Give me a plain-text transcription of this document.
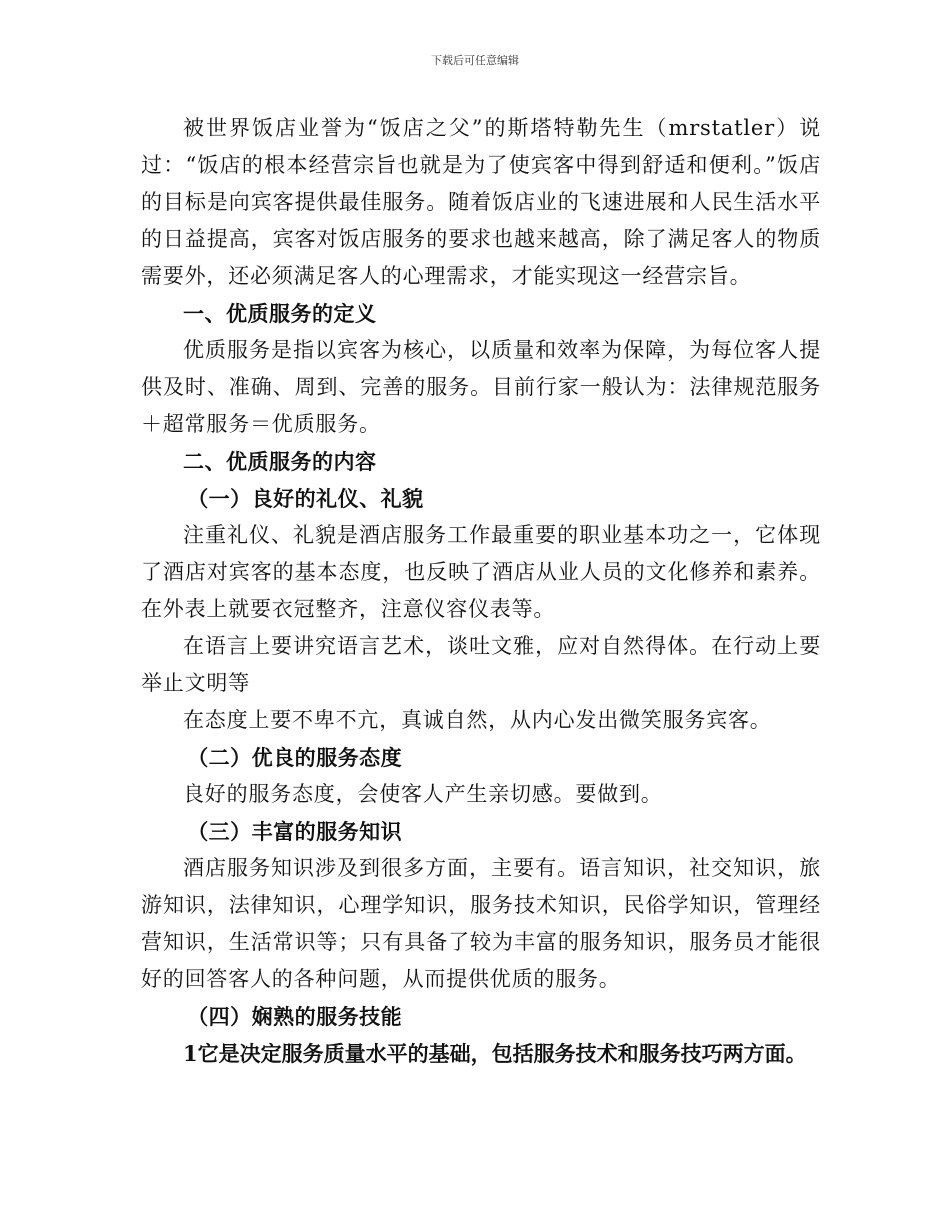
下载后可任意编辑

被世界饭店业誉为“饭店之父”的斯塔特勒先生（mrstatler）说过：“饭店的根本经营宗旨也就是为了使宾客中得到舒适和便利。”饭店的目标是向宾客提供最佳服务。随着饭店业的飞速进展和人民生活水平的日益提高，宾客对饭店服务的要求也越来越高，除了满足客人的物质需要外，还必须满足客人的心理需求，才能实现这一经营宗旨。

一、优质服务的定义

优质服务是指以宾客为核心，以质量和效率为保障，为每位客人提供及时、准确、周到、完善的服务。目前行家一般认为：法律规范服务＋超常服务＝优质服务。

二、优质服务的内容

（一）良好的礼仪、礼貌

注重礼仪、礼貌是酒店服务工作最重要的职业基本功之一，它体现了酒店对宾客的基本态度，也反映了酒店从业人员的文化修养和素养。在外表上就要衣冠整齐，注意仪容仪表等。

在语言上要讲究语言艺术，谈吐文雅，应对自然得体。在行动上要举止文明等

在态度上要不卑不亢，真诚自然，从内心发出微笑服务宾客。

（二）优良的服务态度

良好的服务态度，会使客人产生亲切感。要做到。

（三）丰富的服务知识

酒店服务知识涉及到很多方面，主要有。语言知识，社交知识，旅游知识，法律知识，心理学知识，服务技术知识，民俗学知识，管理经营知识，生活常识等；只有具备了较为丰富的服务知识，服务员才能很好的回答客人的各种问题，从而提供优质的服务。

（四）娴熟的服务技能

1它是决定服务质量水平的基础，包括服务技术和服务技巧两方面。
